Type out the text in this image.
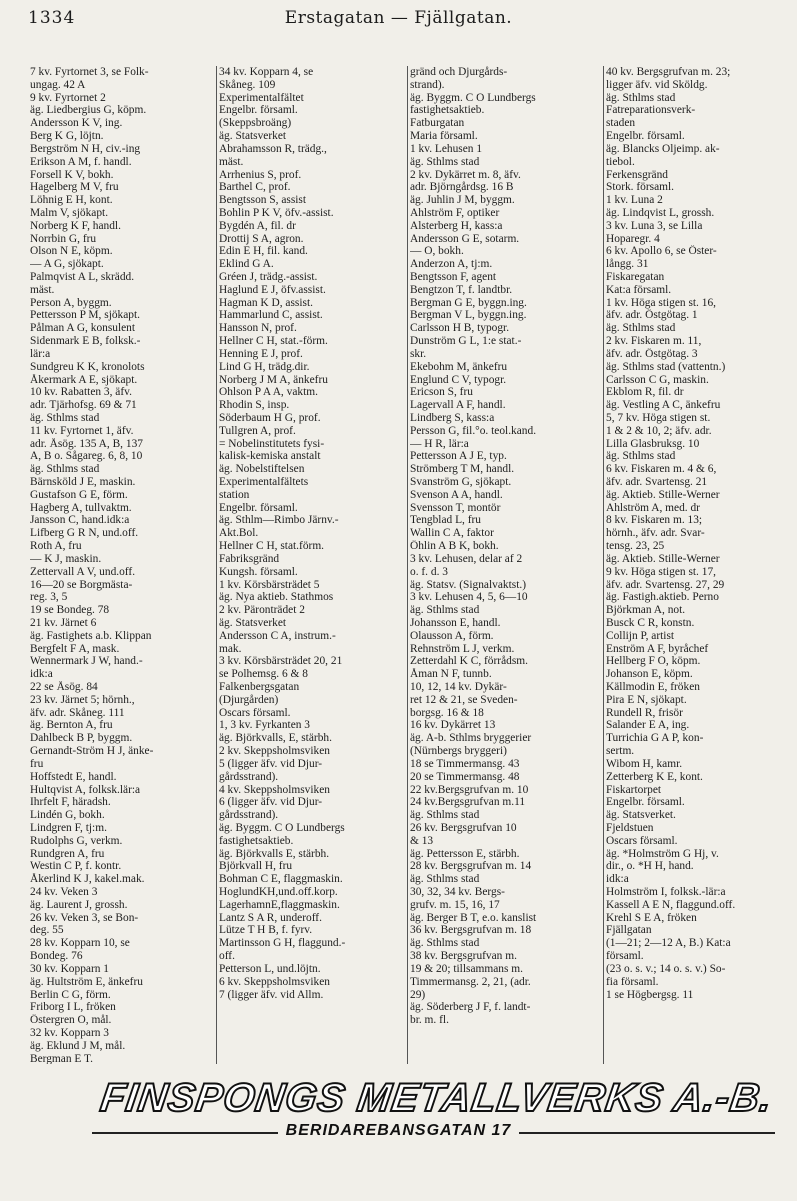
1334	Erstagatan — Fjällgatan.
7 kv. Fyrtornet 3, se Folk-
ungag. 42 A
9 kv. Fyrtornet 2
äg. Liedbergius G, köpm.
Andersson K V, ing.
Berg K G, löjtn.
Bergström N H, civ.-ing
Erikson A M, f. handl.
Forsell K V, bokh.
Hagelberg M V, fru
Löhnig E H, kont.
Malm V, sjökapt.
Norberg K F, handl.
Norrbin G, fru
Olson N E, köpm.
— A G, sjökapt.
Palmqvist A L, skrädd.
mäst.
Person A, byggm.
Pettersson P M, sjökapt.
Pålman A G, konsulent
Sidenmark E B, folksk.-
lär:a
Sundgreu K K, kronolots
Åkermark A E, sjökapt.
10 kv. Rabatten 3, äfv.
adr. Tjärhofsg. 69 & 71
äg. Sthlms stad
11 kv. Fyrtornet 1, äfv.
adr. Åsög. 135 A, B, 137
A, B o. Sågareg. 6, 8, 10
äg. Sthlms stad
Bärnsköld J E, maskin.
Gustafson G E, förm.
Hagberg A, tullvaktm.
Jansson C, hand.idk:a
Lifberg G R N, und.off.
Roth A, fru
— K J, maskin.
Zettervall A V, und.off.
16—20 se Borgmästa-
reg. 3, 5
19 se Bondeg. 78
21 kv. Järnet 6
äg. Fastighets a.b. Klippan
Bergfelt F A, mask.
Wennermark J W, hand.-
idk:a
22 se Åsög. 84
23 kv. Järnet 5; hörnh.,
äfv. adr. Skåneg. 111
äg. Bernton A, fru
Dahlbeck B P, byggm.
Gernandt-Ström H J, änke-
fru
Hoffstedt E, handl.
Hultqvist A, folksk.lär:a
Ihrfelt F, häradsh.
Lindén G, bokh.
Lindgren F, tj:m.
Rudolphs G, verkm.
Rundgren A, fru
Westin C P, f. kontr.
Åkerlind K J, kakel.mak.
24 kv. Veken 3
äg. Laurent J, grossh.
26 kv. Veken 3, se Bon-
deg. 55
28 kv. Kopparn 10, se
Bondeg. 76
30 kv. Kopparn 1
äg. Hultström E, änkefru
Berlin C G, förm.
Friborg I L, fröken
Östergren O, mål.
32 kv. Kopparn 3
äg. Eklund J M, mål.
Bergman E T.
34 kv. Kopparn 4, se
Skåneg. 109
Experimentalfältet
Engelbr. församl.
(Skeppsbroäng)
äg. Statsverket
Abrahamsson R, trädg.,
mäst.
Arrhenius S, prof.
Barthel C, prof.
Bengtsson S, assist
Bohlin P K V, öfv.-assist.
Bygdén A, fil. dr
Drottij S A, agron.
Edin E H, fil. kand.
Eklind G A.
Gréen J, trädg.-assist.
Haglund E J, öfv.assist.
Hagman K D, assist.
Hammarlund C, assist.
Hansson N, prof.
Hellner C H, stat.-förm.
Henning E J, prof.
Lind G H, trädg.dir.
Norberg J M A, änkefru
Ohlson P A A, vaktm.
Rhodin S, insp.
Söderbaum H G, prof.
Tullgren A, prof.
= Nobelinstitutets fysi-
kalisk-kemiska anstalt
äg. Nobelstiftelsen
Experimentalfältets
station
Engelbr. församl.
äg. Sthlm—Rimbo Järnv.-
Akt.Bol.
Hellner C H, stat.förm.
Fabriksgränd
Kungsh. församl.
1 kv. Körsbärsträdet 5
äg. Nya aktieb. Stathmos
2 kv. Päronträdet 2
äg. Statsverket
Andersson C A, instrum.-
mak.
3 kv. Körsbärsträdet 20, 21
se Polhemsg. 6 & 8
Falkenbergsgatan
(Djurgården)
Oscars församl.
1, 3 kv. Fyrkanten 3
äg. Björkvalls, E, stärbh.
2 kv. Skeppsholmsviken
5 (ligger äfv. vid Djur-
gårdsstrand).
4 kv. Skeppsholmsviken
6 (ligger äfv. vid Djur-
gårdsstrand).
äg. Byggm. C O Lundbergs
fastighetsaktieb.
äg. Björkvalls E, stärbh.
Björkvall H, fru
Bohman C E, flaggmaskin.
HoglundKH,und.off.korp.
LagerhamnE,flaggmaskin.
Lantz S A R, underoff.
Lütze T H B, f. fyrv.
Martinsson G H, flaggund.-
off.
Petterson L, und.löjtn.
6 kv. Skeppsholmsviken
7 (ligger äfv. vid Allm.
gränd och Djurgårds-
strand).
äg. Byggm. C O Lundbergs
fastighetsaktieb.
Fatburgatan
Maria församl.
1 kv. Lehusen 1
äg. Sthlms stad
2 kv. Dykärret m. 8, äfv.
adr. Björngårdsg. 16 B
äg. Juhlin J M, byggm.
Ahlström F, optiker
Alsterberg H, kass:a
Andersson G E, sotarm.
— O, bokh.
Anderzon A, tj:m.
Bengtsson F, agent
Bengtzon T, f. landtbr.
Bergman G E, byggn.ing.
Bergman V L, byggn.ing.
Carlsson H B, typogr.
Dunström G L, 1:e stat.-
skr.
Ekebohm M, änkefru
Englund C V, typogr.
Ericson S, fru
Lagervall A F, handl.
Lindberg S, kass:a
Persson G, fil.°o. teol.kand.
— H R, lär:a
Pettersson A J E, typ.
Strömberg T M, handl.
Svanström G, sjökapt.
Svenson A A, handl.
Svensson T, montör
Tengblad L, fru
Wallin C A, faktor
Öhlin A B K, bokh.
3 kv. Lehusen, delar af 2
o. f. d. 3
äg. Statsv. (Signalvaktst.)
3 kv. Lehusen 4, 5, 6—10
äg. Sthlms stad
Johansson E, handl.
Olausson A, förm.
Rehnström L J, verkm.
Zetterdahl K C, förrådsm.
Åman N F, tunnb.
10, 12, 14 kv. Dykär-
ret 12 & 21, se Sveden-
borgsg. 16 & 18
16 kv. Dykärret 13
äg. A-b. Sthlms bryggerier
(Nürnbergs bryggeri)
18 se Timmermansg. 43
20 se Timmermansg. 48
22 kv.Bergsgrufvan m. 10
24 kv.Bergsgrufvan m.11
äg. Sthlms stad
26 kv. Bergsgrufvan 10
& 13
äg. Pettersson E, stärbh.
28 kv. Bergsgrufvan m. 14
äg. Sthlms stad
30, 32, 34 kv. Bergs-
grufv. m. 15, 16, 17
äg. Berger B T, e.o. kanslist
36 kv. Bergsgrufvan m. 18
äg. Sthlms stad
38 kv. Bergsgrufvan m.
19 & 20; tillsammans m.
Timmermansg. 2, 21, (adr.
29)
äg. Söderberg J F, f. landt-
br. m. fl.
40 kv. Bergsgrufvan m. 23;
ligger äfv. vid Sköldg.
äg. Sthlms stad
Fatreparationsverk-
staden
Engelbr. församl.
äg. Blancks Oljeimp. ak-
tiebol.
Ferkensgränd
Stork. församl.
1 kv. Luna 2
äg. Lindqvist L, grossh.
3 kv. Luna 3, se Lilla
Hoparegr. 4
6 kv. Apollo 6, se Öster-
långg. 31
Fiskaregatan
Kat:a församl.
1 kv. Höga stigen st. 16,
äfv. adr. Östgötag. 1
äg. Sthlms stad
2 kv. Fiskaren m. 11,
äfv. adr. Östgötag. 3
äg. Sthlms stad (vattentn.)
Carlsson C G, maskin.
Ekblom R, fil. dr
äg. Vestling A C, änkefru
5, 7 kv. Höga stigen st.
1 & 2 & 10, 2; äfv. adr.
Lilla Glasbruksg. 10
äg. Sthlms stad
6 kv. Fiskaren m. 4 & 6,
äfv. adr. Svartensg. 21
äg. Aktieb. Stille-Werner
Ahlström A, med. dr
8 kv. Fiskaren m. 13;
hörnh., äfv. adr. Svar-
tensg. 23, 25
äg. Aktieb. Stille-Werner
9 kv. Höga stigen st. 17,
äfv. adr. Svartensg. 27, 29
äg. Fastigh.aktieb. Perno
Björkman A, not.
Busck C R, konstn.
Collijn P, artist
Enström A F, byråchef
Hellberg F O, köpm.
Johanson E, köpm.
Källmodin E, fröken
Pira E N, sjökapt.
Rundell R, frisör
Salander E A, ing.
Turrichia G A P, kon-
sertm.
Wibom H, kamr.
Zetterberg K E, kont.
Fiskartorpet
Engelbr. församl.
äg. Statsverket.
Fjeldstuen
Oscars församl.
äg. *Holmström G Hj, v.
dir., o. *H H, hand.
idk:a
Holmström I, folksk.-lär:a
Kassell A E N, flaggund.off.
Krehl S E A, fröken
Fjällgatan
(1—21; 2—12 A, B.) Kat:a
församl.
(23 o. s. v.; 14 o. s. v.) So-
fia församl.
1 se Högbergsg. 11
FINSPONGS METALLVERKS A.-B.
BERIDAREBANSGATAN 17
